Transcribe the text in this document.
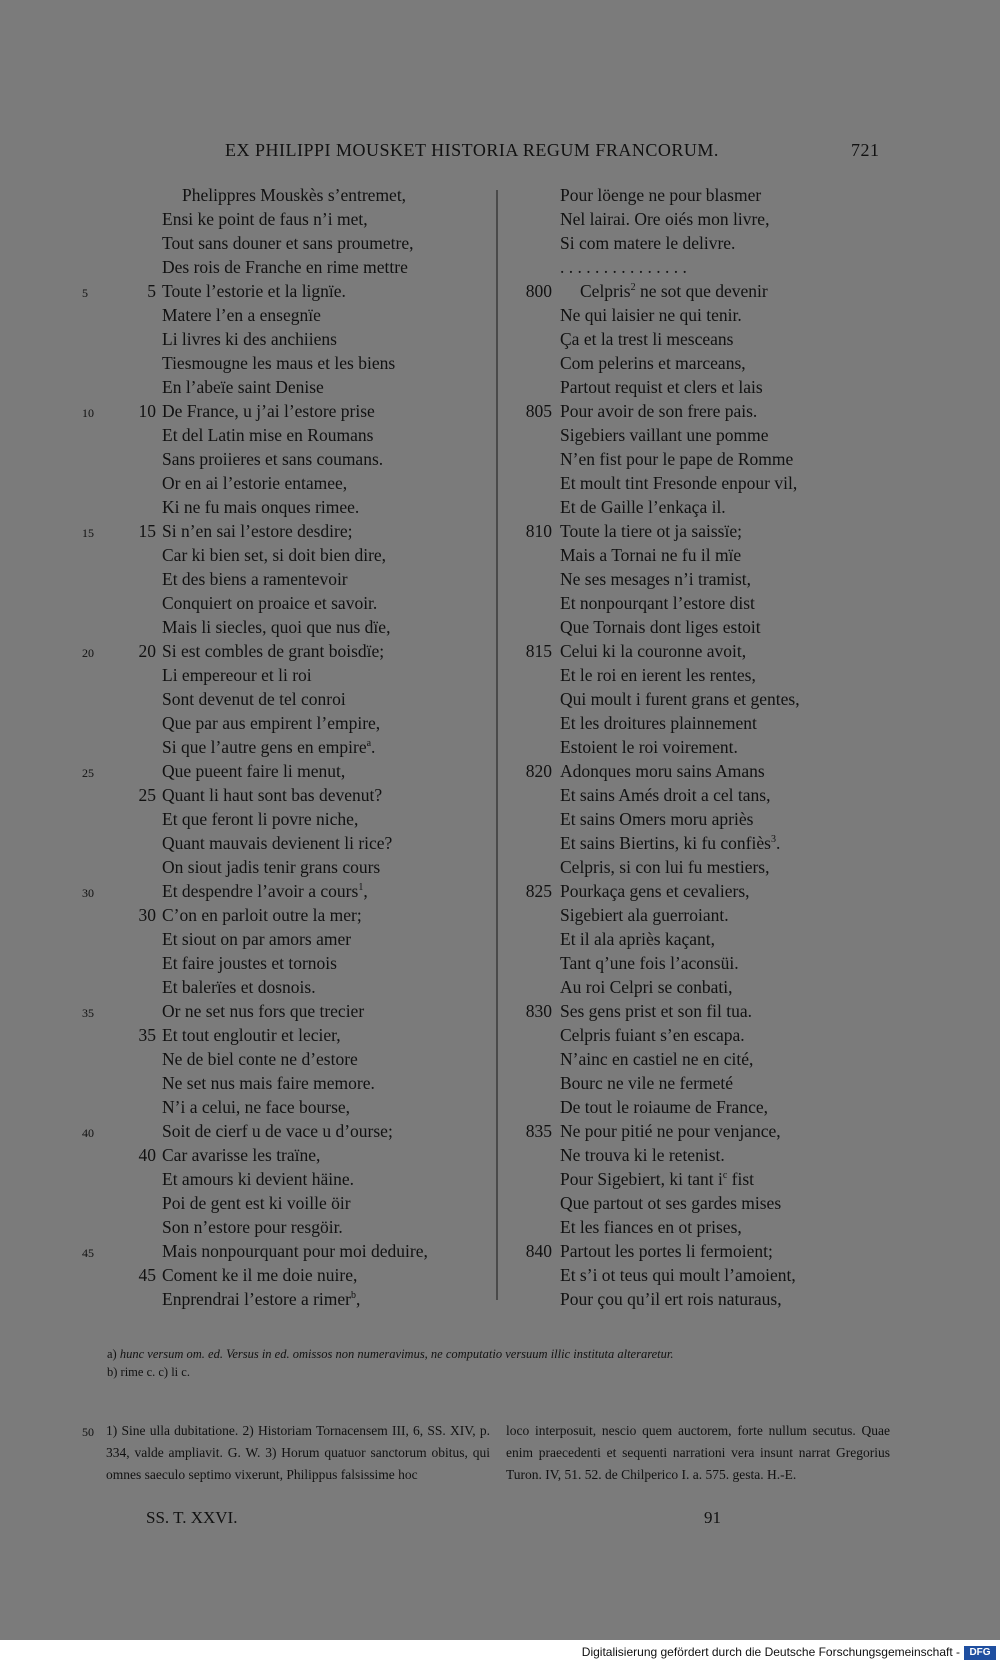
EX PHILIPPI MOUSKET HISTORIA REGUM FRANCORUM.	721
Phelippres Mouskès s’entremet,
Ensi ke point de faus n’i met,
Tout sans douner et sans proumetre,
Des rois de Franche en rime mettre
5	5 Toute l’estorie et la lignïe.
Matere l’en a ensegnïe
Li livres ki des anchiiens
Tiesmougne les maus et les biens
En l’abeïe saint Denise
10	10 De France, u j’ai l’estore prise
Et del Latin mise en Roumans
Sans proiieres et sans coumans.
Or en ai l’estorie entamee,
Ki ne fu mais onques rimee.
15	15 Si n’en sai l’estore desdire;
Car ki bien set, si doit bien dire,
Et des biens a ramentevoir
Conquiert on proaice et savoir.
Mais li siecles, quoi que nus dïe,
20	20 Si est combles de grant boisdïe;
Li empereour et li roi
Sont devenut de tel conroi
Que par aus empirent l’empire,
Si que l’autre gens en empire$^a$.
25	Que pueent faire li menut,
25 Quant li haut sont bas devenut?
Et que feront li povre niche,
Quant mauvais devienent li rice?
On siout jadis tenir grans cours
30	Et despendre l’avoir a cours$^1$,
30 C’on en parloit outre la mer;
Et siout on par amors amer
Et faire joustes et tornois
Et balerïes et dosnois.
35	Or ne set nus fors que trecier
35 Et tout engloutir et lecier,
Ne de biel conte ne d’estore
Ne set nus mais faire memore.
N’i a celui, ne face bourse,
40	Soit de cierf u de vace u d’ourse;
40 Car avarisse les traïne,
Et amours ki devient häine.
Poi de gent est ki voille öir
Son n’estore pour resgöir.
45	Mais nonpourquant pour moi deduire,
45 Coment ke il me doie nuire,
Enprendrai l’estore a rimer$^b$,
Pour löenge ne pour blasmer
Nel lairai. Ore oiés mon livre,
Si com matere le delivre.
. . . . . . . . . . . . . . .
800 Celpris$^2$ ne sot que devenir
Ne qui laisier ne qui tenir.
Ça et la trest li mesceans
Com pelerins et marceans,
Partout requist et clers et lais
805 Pour avoir de son frere pais.
Sigebiers vaillant une pomme
N’en fist pour le pape de Romme
Et moult tint Fresonde enpour vil,
Et de Gaille l’enkaça il.
810 Toute la tiere ot ja saissïe;
Mais a Tornai ne fu il mïe
Ne ses mesages n’i tramist,
Et nonpourqant l’estore dist
Que Tornais dont liges estoit
815 Celui ki la couronne avoit,
Et le roi en ierent les rentes,
Qui moult i furent grans et gentes,
Et les droitures plainnement
Estoient le roi voirement.
820 Adonques moru sains Amans
Et sains Amés droit a cel tans,
Et sains Omers moru apriès
Et sains Biertins, ki fu confiès$^3$.
Celpris, si con lui fu mestiers,
825 Pourkaça gens et cevaliers,
Sigebiert ala guerroiant.
Et il ala apriès kaçant,
Tant q’une fois l’aconsüi.
Au roi Celpri se conbati,
830 Ses gens prist et son fil tua.
Celpris fuiant s’en escapa.
N’ainc en castiel ne en cité,
Bourc ne vile ne fermeté
De tout le roiaume de France,
835 Ne pour pitié ne pour venjance,
Ne trouva ki le retenist.
Pour Sigebiert, ki tant $i^c$ fist
Que partout ot ses gardes mises
Et les fiances en ot prises,
840 Partout les portes li fermoient;
Et s’i ot teus qui moult l’amoient,
Pour çou qu’il ert rois naturaus,
a) hunc versum om. ed. Versus in ed. omissos non numeravimus, ne computatio versuum illic instituta alteraretur.
b) rime c. c) li c.
50 1) Sine ulla dubitatione. 2) Historiam Tornacensem III, 6, SS. XIV, p. 334, valde ampliavit. G. W. 3) Horum quatuor sanctorum obitus, qui omnes saeculo septimo vixerunt, Philippus falsissime hoc
loco interposuit, nescio quem auctorem, forte nullum secutus. Quae enim praecedenti et sequenti narrationi vera insunt narrat Gregorius Turon. IV, 51. 52. de Chilperico I. a. 575. gesta. H.-E.
SS. T. XXVI.	91
Digitalisierung gefördert durch die Deutsche Forschungsgemeinschaft - DFG
